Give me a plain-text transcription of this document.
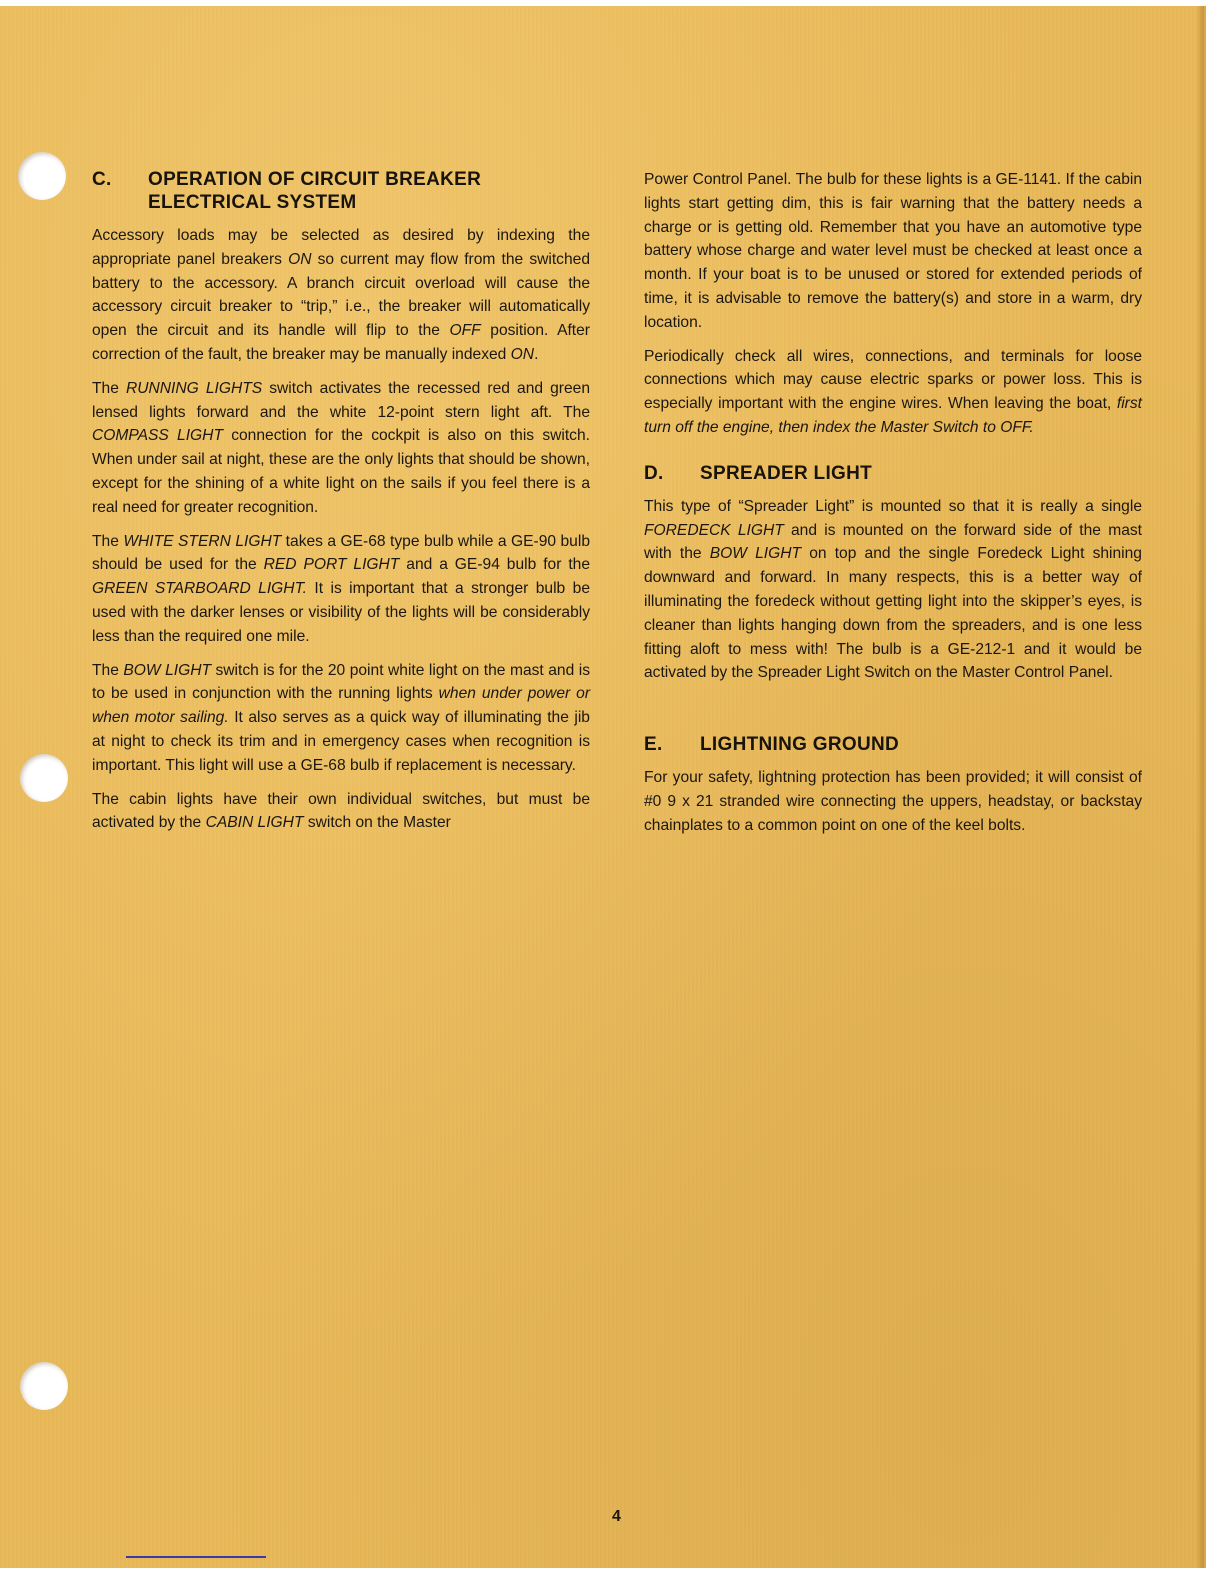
C. OPERATION OF CIRCUIT BREAKER
ELECTRICAL SYSTEM

Accessory loads may be selected as desired by indexing the appropriate panel breakers ON so current may flow from the switched battery to the accessory. A branch circuit overload will cause the accessory circuit breaker to “trip,” i.e., the breaker will automatically open the circuit and its handle will flip to the OFF position. After correction of the fault, the breaker may be manually indexed ON.

The RUNNING LIGHTS switch activates the recessed red and green lensed lights forward and the white 12-point stern light aft. The COMPASS LIGHT connection for the cockpit is also on this switch. When under sail at night, these are the only lights that should be shown, except for the shining of a white light on the sails if you feel there is a real need for greater recognition.

The WHITE STERN LIGHT takes a GE-68 type bulb while a GE-90 bulb should be used for the RED PORT LIGHT and a GE-94 bulb for the GREEN STARBOARD LIGHT. It is important that a stronger bulb be used with the darker lenses or visibility of the lights will be considerably less than the required one mile.

The BOW LIGHT switch is for the 20 point white light on the mast and is to be used in conjunction with the running lights when under power or when motor sailing. It also serves as a quick way of illuminating the jib at night to check its trim and in emergency cases when recognition is important. This light will use a GE-68 bulb if replacement is necessary.

The cabin lights have their own individual switches, but must be activated by the CABIN LIGHT switch on the Master

Power Control Panel. The bulb for these lights is a GE-1141. If the cabin lights start getting dim, this is fair warning that the battery needs a charge or is getting old. Remember that you have an automotive type battery whose charge and water level must be checked at least once a month. If your boat is to be unused or stored for extended periods of time, it is advisable to remove the battery(s) and store in a warm, dry location.

Periodically check all wires, connections, and terminals for loose connections which may cause electric sparks or power loss. This is especially important with the engine wires. When leaving the boat, first turn off the engine, then index the Master Switch to OFF.

D. SPREADER LIGHT

This type of “Spreader Light” is mounted so that it is really a single FOREDECK LIGHT and is mounted on the forward side of the mast with the BOW LIGHT on top and the single Foredeck Light shining downward and forward. In many respects, this is a better way of illuminating the foredeck without getting light into the skipper’s eyes, is cleaner than lights hanging down from the spreaders, and is one less fitting aloft to mess with! The bulb is a GE-212-1 and it would be activated by the Spreader Light Switch on the Master Control Panel.

E. LIGHTNING GROUND

For your safety, lightning protection has been provided; it will consist of #0 9 x 21 stranded wire connecting the uppers, headstay, or backstay chainplates to a common point on one of the keel bolts.

4
